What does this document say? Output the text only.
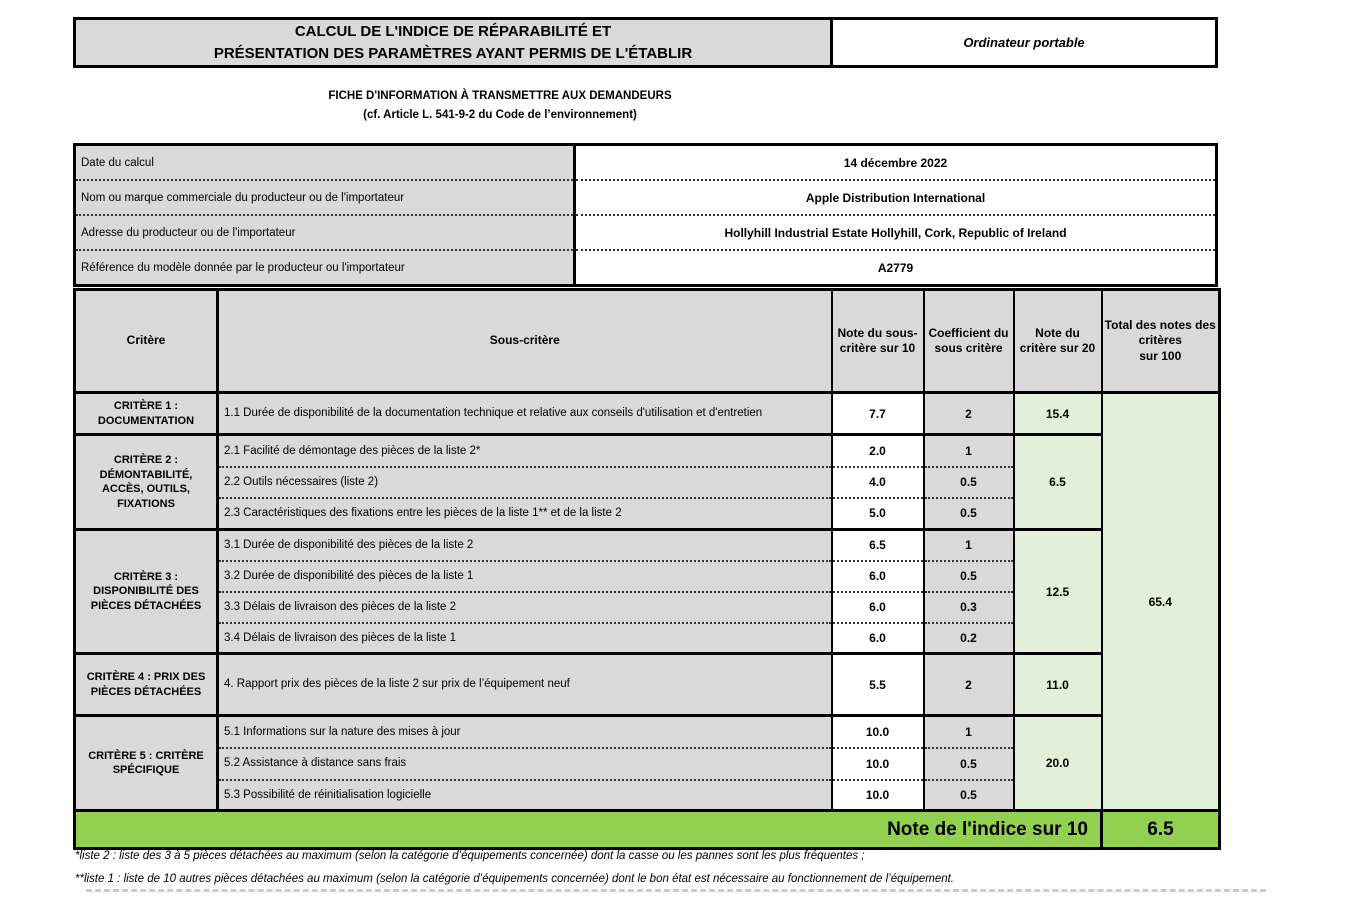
CALCUL DE L'INDICE DE RÉPARABILITÉ ET
PRÉSENTATION DES PARAMÈTRES AYANT PERMIS DE L'ÉTABLIR
Ordinateur portable
FICHE D'INFORMATION À TRANSMETTRE AUX DEMANDEURS
(cf. Article L. 541-9-2 du Code de l’environnement)
Date du calcul	14 décembre 2022
Nom ou marque commerciale du producteur ou de l'importateur	Apple Distribution International
Adresse du producteur ou de l'importateur	Hollyhill Industrial Estate Hollyhill, Cork, Republic of Ireland
Référence du modèle donnée par le producteur ou l'importateur	A2779
Critère	Sous-critère	Note du sous-critère sur 10	Coefficient du sous critère	Note du critère sur 20	Total des notes des critères
sur 100

CRITÈRE 1 : DOCUMENTATION	1.1 Durée de disponibilité de la documentation technique et relative aux conseils d'utilisation et d'entretien	7.7	2	15.4	65.4
CRITÈRE 2 : DÉMONTABILITÉ, ACCÈS, OUTILS, FIXATIONS	2.1 Facilité de démontage des pièces de la liste 2*	2.0	1	6.5	
	2.2 Outils nécessaires (liste 2)	4.0	0.5		
	2.3 Caractéristiques des fixations entre les pièces de la liste 1** et de la liste 2	5.0	0.5		
CRITÈRE 3 : DISPONIBILITÉ DES PIÈCES DÉTACHÉES	3.1 Durée de disponibilité des pièces de la liste 2	6.5	1	12.5	
	3.2 Durée de disponibilité des pièces de la liste 1	6.0	0.5		
	3.3 Délais de livraison des pièces de la liste 2	6.0	0.3		
	3.4 Délais de livraison des pièces de la liste 1	6.0	0.2		
CRITÈRE 4 : PRIX DES PIÈCES DÉTACHÉES	4. Rapport prix des pièces de la liste 2 sur prix de l’équipement neuf	5.5	2	11.0	
CRITÈRE 5 : CRITÈRE SPÉCIFIQUE	5.1 Informations sur la nature des mises à jour	10.0	1	20.0	
	5.2 Assistance à distance sans frais	10.0	0.5		
	5.3 Possibilité de réinitialisation logicielle	10.0	0.5		
Note de l'indice sur 10					6.5
*liste 2 : liste des 3 à 5 pièces détachées au maximum (selon la catégorie d’équipements concernée) dont la casse ou les pannes sont les plus fréquentes ;
**liste 1 : liste de 10 autres pièces détachées au maximum (selon la catégorie d’équipements concernée) dont le bon état est nécessaire au fonctionnement de l’équipement.
